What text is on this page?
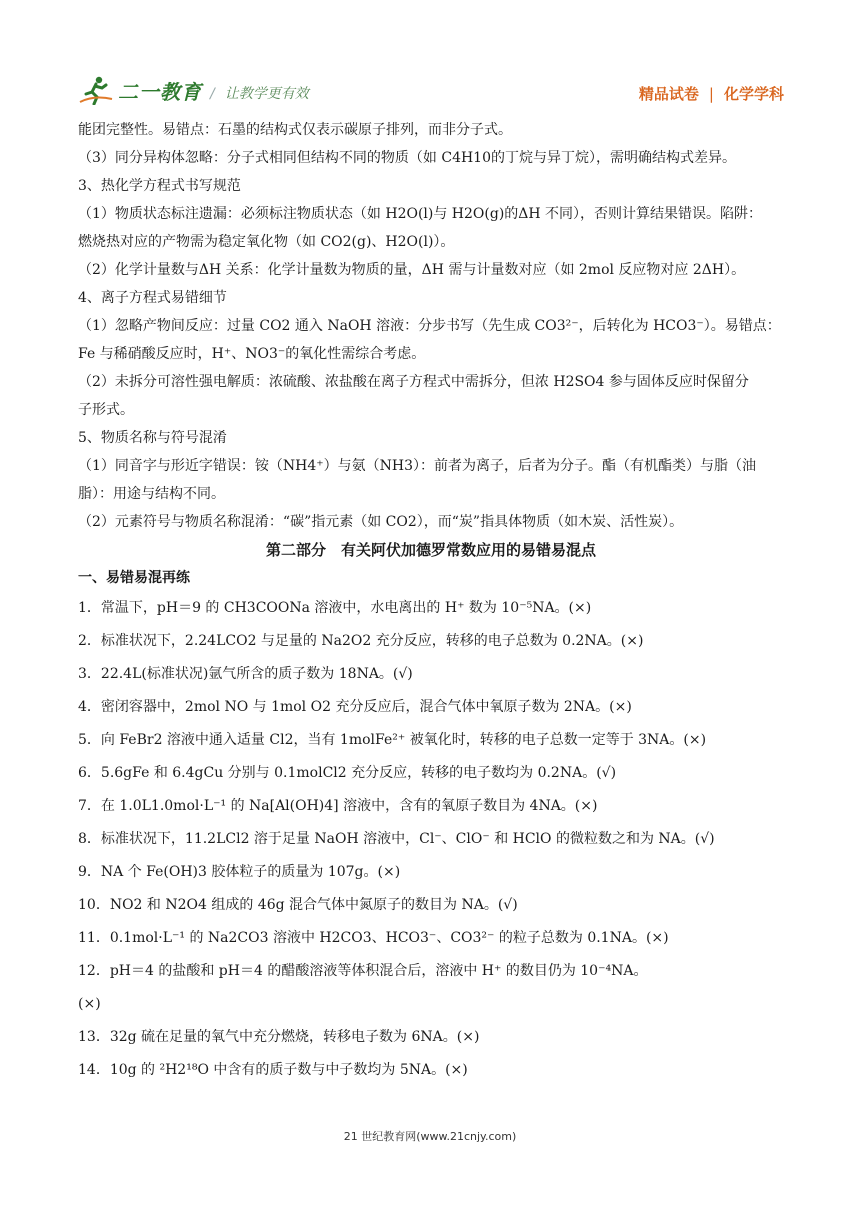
二一教育 / 让教学更有效	精品试卷 | 化学学科

能团完整性。易错点：石墨的结构式仅表示碳原子排列，而非分子式。

（3）同分异构体忽略：分子式相同但结构不同的物质（如 C4H10的丁烷与异丁烷），需明确结构式差异。

3、热化学方程式书写规范

（1）物质状态标注遗漏：必须标注物质状态（如 H2O(l)与 H2O(g)的ΔH 不同），否则计算结果错误。陷阱：

燃烧热对应的产物需为稳定氧化物（如 CO2(g)、H2O(l)）。

（2）化学计量数与ΔH 关系：化学计量数为物质的量，ΔH 需与计量数对应（如 2mol 反应物对应 2ΔH）。

4、离子方程式易错细节

（1）忽略产物间反应：过量 CO2 通入 NaOH 溶液：分步书写（先生成 CO3²⁻，后转化为 HCO3⁻）。易错点：

Fe 与稀硝酸反应时，H⁺、NO3⁻的氧化性需综合考虑。

（2）未拆分可溶性强电解质：浓硫酸、浓盐酸在离子方程式中需拆分，但浓 H2SO4 参与固体反应时保留分

子形式。

5、物质名称与符号混淆

（1）同音字与形近字错误：铵（NH4⁺）与氨（NH3）：前者为离子，后者为分子。酯（有机酯类）与脂（油

脂）：用途与结构不同。

（2）元素符号与物质名称混淆：“碳”指元素（如 CO2），而“炭”指具体物质（如木炭、活性炭）。

第二部分　有关阿伏加德罗常数应用的易错易混点

一、易错易混再练

1．常温下，pH＝9 的 CH3COONa 溶液中，水电离出的 H⁺ 数为 10⁻⁵NA。(×)
2．标准状况下，2.24LCO2 与足量的 Na2O2 充分反应，转移的电子总数为 0.2NA。(×)
3．22.4L(标准状况)氩气所含的质子数为 18NA。(√)
4．密闭容器中，2mol NO 与 1mol O2 充分反应后，混合气体中氧原子数为 2NA。(×)
5．向 FeBr2 溶液中通入适量 Cl2，当有 1molFe²⁺ 被氧化时，转移的电子总数一定等于 3NA。(×)
6．5.6gFe 和 6.4gCu 分别与 0.1molCl2 充分反应，转移的电子数均为 0.2NA。(√)
7．在 1.0L1.0mol·L⁻¹ 的 Na[Al(OH)4] 溶液中，含有的氧原子数目为 4NA。(×)
8．标准状况下，11.2LCl2 溶于足量 NaOH 溶液中，Cl⁻、ClO⁻ 和 HClO 的微粒数之和为 NA。(√)
9．NA 个 Fe(OH)3 胶体粒子的质量为 107g。(×)
10．NO2 和 N2O4 组成的 46g 混合气体中氮原子的数目为 NA。(√)
11．0.1mol·L⁻¹ 的 Na2CO3 溶液中 H2CO3、HCO3⁻、CO3²⁻ 的粒子总数为 0.1NA。(×)
12．pH＝4 的盐酸和 pH＝4 的醋酸溶液等体积混合后，溶液中 H⁺ 的数目仍为 10⁻⁴NA。
(×)
13．32g 硫在足量的氧气中充分燃烧，转移电子数为 6NA。(×)
14．10g 的 ²H2¹⁸O 中含有的质子数与中子数均为 5NA。(×)
21 世纪教育网(www.21cnjy.com)
